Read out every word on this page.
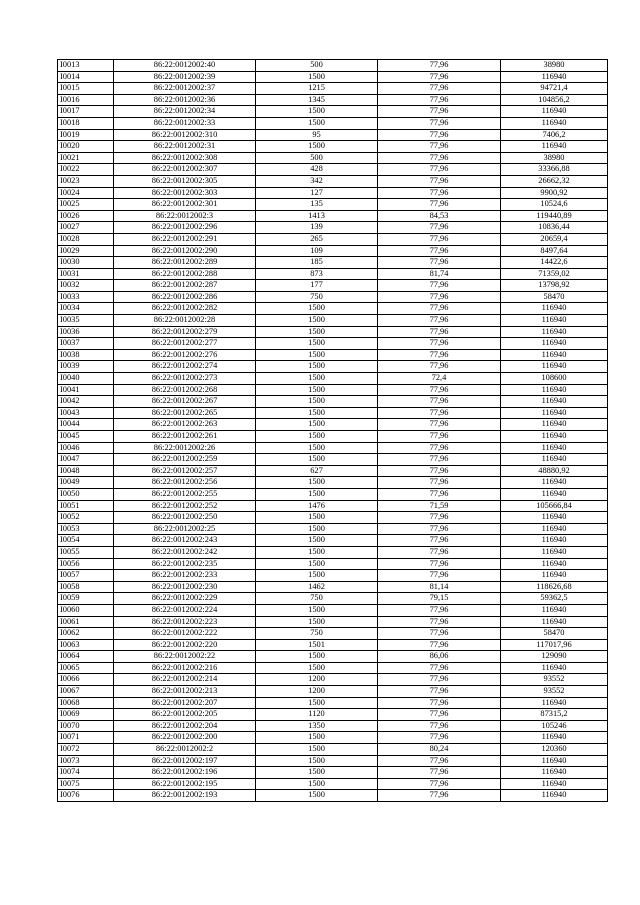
I0013	86:22:0012002:40	500	77,96	38980
I0014	86:22:0012002:39	1500	77,96	116940
I0015	86:22:0012002:37	1215	77,96	94721,4
I0016	86:22:0012002:36	1345	77,96	104856,2
I0017	86:22:0012002:34	1500	77,96	116940
I0018	86:22:0012002:33	1500	77,96	116940
I0019	86:22:0012002:310	95	77,96	7406,2
I0020	86:22:0012002:31	1500	77,96	116940
I0021	86:22:0012002:308	500	77,96	38980
I0022	86:22:0012002:307	428	77,96	33366,88
I0023	86:22:0012002:305	342	77,96	26662,32
I0024	86:22:0012002:303	127	77,96	9900,92
I0025	86:22:0012002:301	135	77,96	10524,6
I0026	86:22:0012002:3	1413	84,53	119440,89
I0027	86:22:0012002:296	139	77,96	10836,44
I0028	86:22:0012002:291	265	77,96	20659,4
I0029	86:22:0012002:290	109	77,96	8497,64
I0030	86:22:0012002:289	185	77,96	14422,6
I0031	86:22:0012002:288	873	81,74	71359,02
I0032	86:22:0012002:287	177	77,96	13798,92
I0033	86:22:0012002:286	750	77,96	58470
I0034	86:22:0012002:282	1500	77,96	116940
I0035	86:22:0012002:28	1500	77,96	116940
I0036	86:22:0012002:279	1500	77,96	116940
I0037	86:22:0012002:277	1500	77,96	116940
I0038	86:22:0012002:276	1500	77,96	116940
I0039	86:22:0012002:274	1500	77,96	116940
I0040	86:22:0012002:273	1500	72,4	108600
I0041	86:22:0012002:268	1500	77,96	116940
I0042	86:22:0012002:267	1500	77,96	116940
I0043	86:22:0012002:265	1500	77,96	116940
I0044	86:22:0012002:263	1500	77,96	116940
I0045	86:22:0012002:261	1500	77,96	116940
I0046	86:22:0012002:26	1500	77,96	116940
I0047	86:22:0012002:259	1500	77,96	116940
I0048	86:22:0012002:257	627	77,96	48880,92
I0049	86:22:0012002:256	1500	77,96	116940
I0050	86:22:0012002:255	1500	77,96	116940
I0051	86:22:0012002:252	1476	71,59	105666,84
I0052	86:22:0012002:250	1500	77,96	116940
I0053	86:22:0012002:25	1500	77,96	116940
I0054	86:22:0012002:243	1500	77,96	116940
I0055	86:22:0012002:242	1500	77,96	116940
I0056	86:22:0012002:235	1500	77,96	116940
I0057	86:22:0012002:233	1500	77,96	116940
I0058	86:22:0012002:230	1462	81,14	118626,68
I0059	86:22:0012002:229	750	79,15	59362,5
I0060	86:22:0012002:224	1500	77,96	116940
I0061	86:22:0012002:223	1500	77,96	116940
I0062	86:22:0012002:222	750	77,96	58470
I0063	86:22:0012002:220	1501	77,96	117017,96
I0064	86:22:0012002:22	1500	86,06	129090
I0065	86:22:0012002:216	1500	77,96	116940
I0066	86:22:0012002:214	1200	77,96	93552
I0067	86:22:0012002:213	1200	77,96	93552
I0068	86:22:0012002:207	1500	77,96	116940
I0069	86:22:0012002:205	1120	77,96	87315,2
I0070	86:22:0012002:204	1350	77,96	105246
I0071	86:22:0012002:200	1500	77,96	116940
I0072	86:22:0012002:2	1500	80,24	120360
I0073	86:22:0012002:197	1500	77,96	116940
I0074	86:22:0012002:196	1500	77,96	116940
I0075	86:22:0012002:195	1500	77,96	116940
I0076	86:22:0012002:193	1500	77,96	116940
